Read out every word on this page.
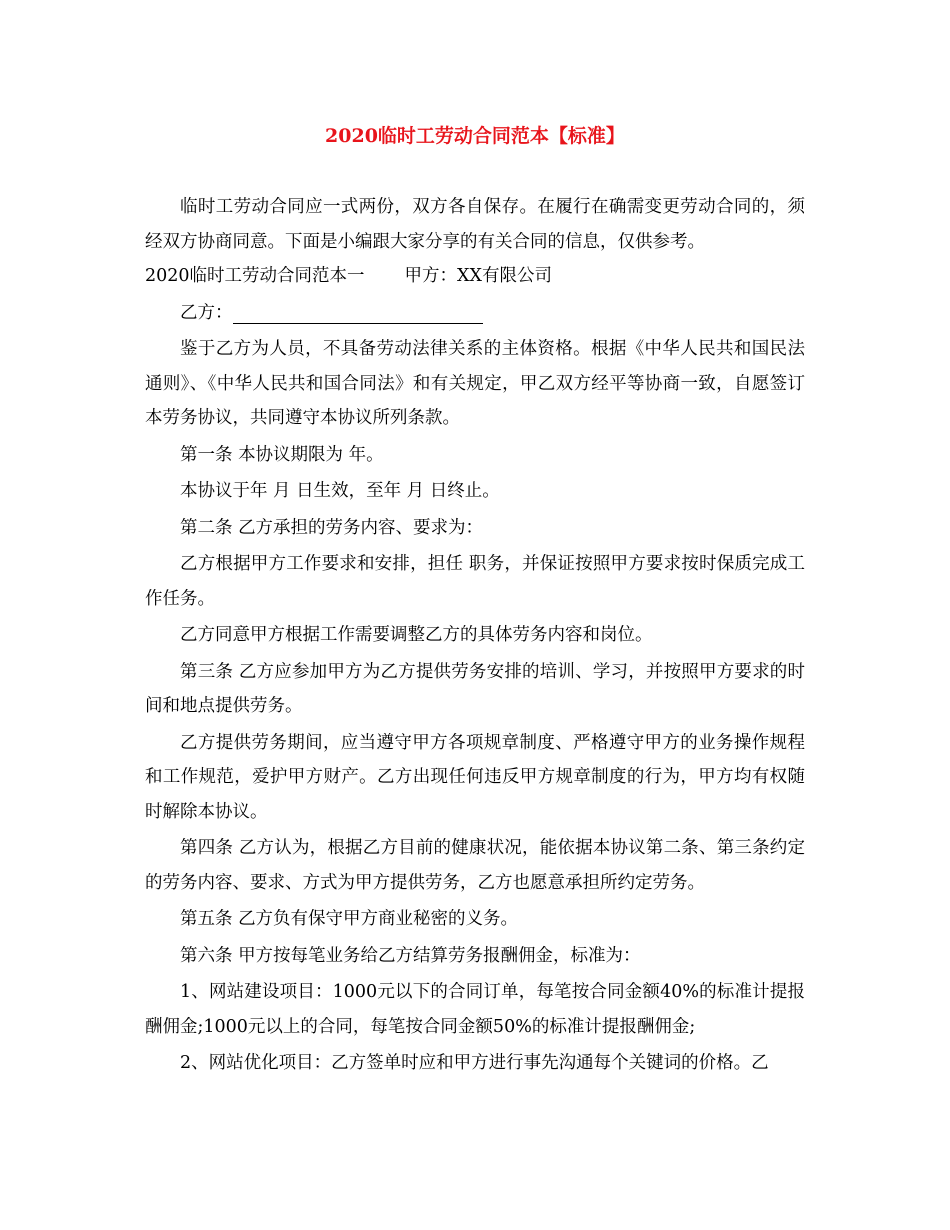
2020临时工劳动合同范本【标准】

临时工劳动合同应一式两份，双方各自保存。在履行在确需变更劳动合同的，须经双方协商同意。下面是小编跟大家分享的有关合同的信息，仅供参考。

2020临时工劳动合同范本一 甲方：XX有限公司

乙方：

鉴于乙方为人员，不具备劳动法律关系的主体资格。根据《中华人民共和国民法通则》、《中华人民共和国合同法》和有关规定，甲乙双方经平等协商一致，自愿签订本劳务协议，共同遵守本协议所列条款。

第一条 本协议期限为 年。

本协议于年 月 日生效，至年 月 日终止。

第二条 乙方承担的劳务内容、要求为：

乙方根据甲方工作要求和安排，担任 职务，并保证按照甲方要求按时保质完成工作任务。

乙方同意甲方根据工作需要调整乙方的具体劳务内容和岗位。

第三条 乙方应参加甲方为乙方提供劳务安排的培训、学习，并按照甲方要求的时间和地点提供劳务。

乙方提供劳务期间，应当遵守甲方各项规章制度、严格遵守甲方的业务操作规程和工作规范，爱护甲方财产。乙方出现任何违反甲方规章制度的行为，甲方均有权随时解除本协议。

第四条 乙方认为，根据乙方目前的健康状况，能依据本协议第二条、第三条约定的劳务内容、要求、方式为甲方提供劳务，乙方也愿意承担所约定劳务。

第五条 乙方负有保守甲方商业秘密的义务。

第六条 甲方按每笔业务给乙方结算劳务报酬佣金，标准为：

1、网站建设项目：1000元以下的合同订单，每笔按合同金额40%的标准计提报酬佣金;1000元以上的合同，每笔按合同金额50%的标准计提报酬佣金;

2、网站优化项目：乙方签单时应和甲方进行事先沟通每个关键词的价格。乙
